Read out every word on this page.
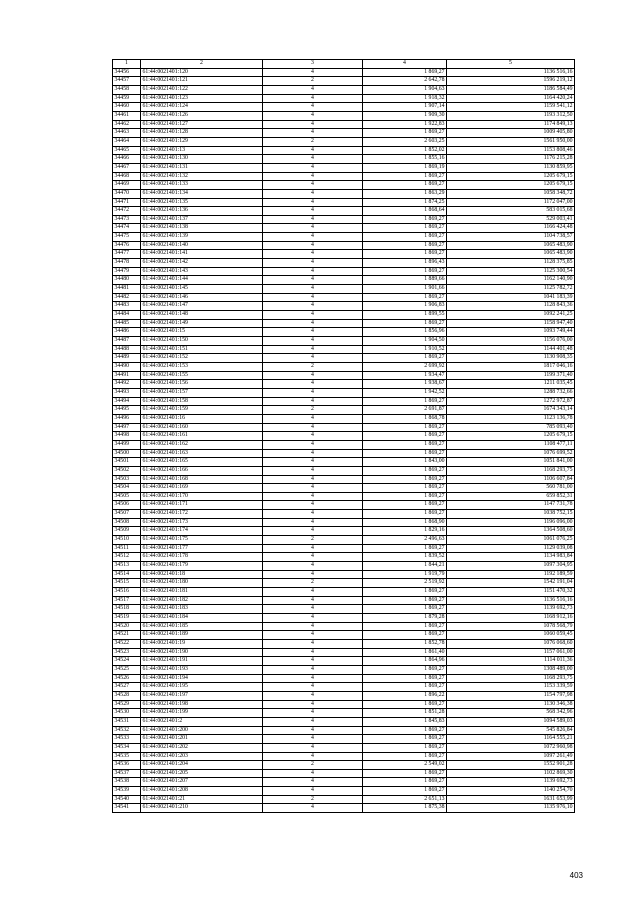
1	2	3	4	5
34456	61:44:0021401:120	4	1 869,27	1136 516,16
34457	61:44:0021401:121	2	2 642,78	1596 219,12
34458	61:44:0021401:122	4	1 904,63	1186 584,49
34459	61:44:0021401:123	4	1 918,32	1164 420,24
34460	61:44:0021401:124	4	1 907,14	1159 541,12
34461	61:44:0021401:126	4	1 909,30	1193 312,50
34462	61:44:0021401:127	4	1 922,83	1174 849,13
34463	61:44:0021401:128	4	1 869,27	1009 405,80
34464	61:44:0021401:129	2	2 603,25	1561 950,00
34465	61:44:0021401:13	4	1 852,02	1153 808,46
34466	61:44:0021401:130	4	1 855,16	1176 215,28
34467	61:44:0021401:131	4	1 869,19	1130 859,95
34468	61:44:0021401:132	4	1 869,27	1205 679,15
34469	61:44:0021401:133	4	1 869,27	1205 679,15
34470	61:44:0021401:134	4	1 863,29	1058 348,72
34471	61:44:0021401:135	4	1 874,25	1172 047,00
34472	61:44:0021401:136	4	1 868,64	583 015,68
34473	61:44:0021401:137	4	1 869,27	529 003,41
34474	61:44:0021401:138	4	1 869,27	1166 424,48
34475	61:44:0021401:139	4	1 869,27	1104 738,57
34476	61:44:0021401:140	4	1 869,27	1065 483,90
34477	61:44:0021401:141	4	1 869,27	1065 483,90
34478	61:44:0021401:142	4	1 896,43	1128 375,85
34479	61:44:0021401:143	4	1 869,27	1125 300,54
34480	61:44:0021401:144	4	1 889,66	1162 140,90
34481	61:44:0021401:145	4	1 901,66	1125 782,72
34482	61:44:0021401:146	4	1 869,27	1041 183,39
34483	61:44:0021401:147	4	1 906,83	1128 843,36
34484	61:44:0021401:148	4	1 899,55	1092 241,25
34485	61:44:0021401:149	4	1 869,27	1158 947,40
34486	61:44:0021401:15	4	1 856,96	1093 749,44
34487	61:44:0021401:150	4	1 904,50	1156 076,00
34488	61:44:0021401:151	4	1 910,52	1144 401,48
34489	61:44:0021401:152	4	1 869,27	1130 908,35
34490	61:44:0021401:153	2	2 699,92	1817 046,16
34491	61:44:0021401:155	4	1 934,47	1199 371,40
34492	61:44:0021401:156	4	1 938,67	1211 035,45
34493	61:44:0021401:157	4	1 942,52	1288 732,66
34494	61:44:0021401:158	4	1 869,27	1272 972,87
34495	61:44:0021401:159	2	2 691,87	1674 343,14
34496	61:44:0021401:16	4	1 868,78	1123 136,78
34497	61:44:0021401:160	4	1 869,27	785 093,40
34498	61:44:0021401:161	4	1 869,27	1205 679,15
34499	61:44:0021401:162	4	1 869,27	1108 477,11
34500	61:44:0021401:163	4	1 869,27	1076 699,52
34501	61:44:0021401:165	4	1 843,00	1051 841,00
34502	61:44:0021401:166	4	1 869,27	1168 293,75
34503	61:44:0021401:168	4	1 869,27	1106 607,84
34504	61:44:0021401:169	4	1 869,27	560 781,00
34505	61:44:0021401:170	4	1 869,27	659 852,31
34506	61:44:0021401:171	4	1 869,27	1147 731,78
34507	61:44:0021401:172	4	1 869,27	1038 752,15
34508	61:44:0021401:173	4	1 868,90	1196 096,00
34509	61:44:0021401:174	4	1 829,16	1364 508,60
34510	61:44:0021401:175	2	2 496,63	1061 076,25
34511	61:44:0021401:177	4	1 869,27	1129 039,08
34512	61:44:0021401:178	4	1 839,52	1134 983,84
34513	61:44:0021401:179	4	1 844,21	1097 304,95
34514	61:44:0021401:18	4	1 919,79	1192 189,59
34515	61:44:0021401:180	2	2 519,92	1542 191,04
34516	61:44:0021401:181	4	1 869,27	1151 470,32
34517	61:44:0021401:182	4	1 869,27	1136 516,16
34518	61:44:0021401:183	4	1 869,27	1139 692,73
34519	61:44:0021401:184	4	1 879,28	1168 912,16
34520	61:44:0021401:185	4	1 869,27	1078 568,79
34521	61:44:0021401:189	4	1 869,27	1060 059,45
34522	61:44:0021401:19	4	1 852,78	1076 068,60
34523	61:44:0021401:190	4	1 861,40	1157 061,00
34524	61:44:0021401:191	4	1 864,96	1114 011,36
34525	61:44:0021401:193	4	1 869,27	1308 489,00
34526	61:44:0021401:194	4	1 869,27	1168 293,75
34527	61:44:0021401:195	4	1 869,27	1153 339,59
34528	61:44:0021401:197	4	1 896,22	1154 797,98
34529	61:44:0021401:198	4	1 869,27	1130 346,38
34530	61:44:0021401:199	4	1 851,28	568 342,96
34531	61:44:0021401:2	4	1 845,83	1094 589,03
34532	61:44:0021401:200	4	1 869,27	545 826,84
34533	61:44:0021401:201	4	1 869,27	1164 555,21
34534	61:44:0021401:202	4	1 869,27	1072 960,98
34535	61:44:0021401:203	4	1 869,27	1097 261,49
34536	61:44:0021401:204	2	2 549,02	1552 901,28
34537	61:44:0021401:205	4	1 869,27	1102 869,30
34538	61:44:0021401:207	4	1 869,27	1139 692,73
34539	61:44:0021401:208	4	1 869,27	1140 254,70
34540	61:44:0021401:21	2	2 651,13	1631 653,99
34541	61:44:0021401:210	4	1 875,38	1135 976,10
403
